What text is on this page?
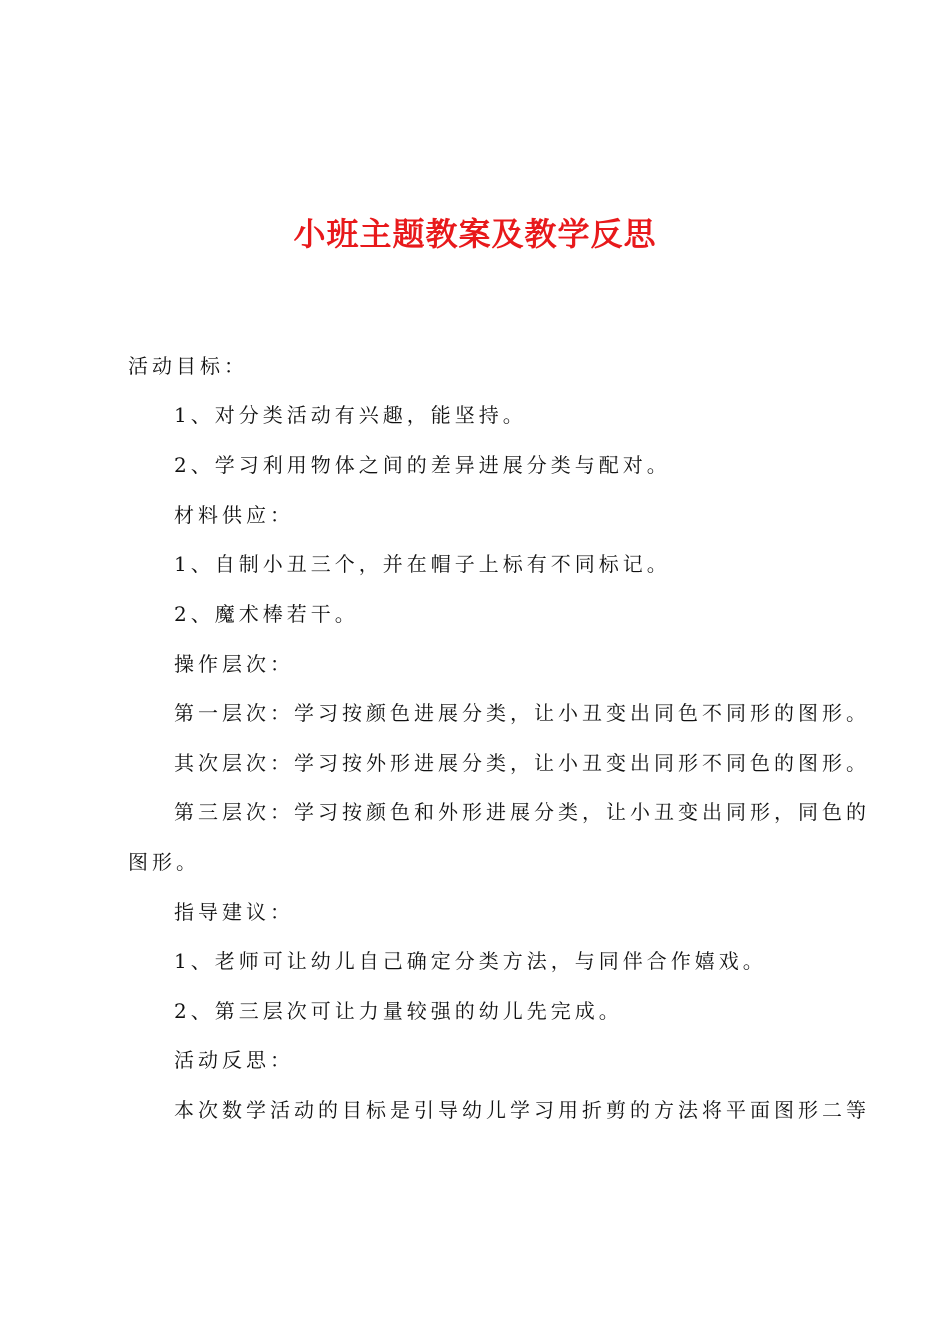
小班主题教案及教学反思
活动目标：
1、对分类活动有兴趣，能坚持。
2、学习利用物体之间的差异进展分类与配对。
材料供应：
1、自制小丑三个，并在帽子上标有不同标记。
2、魔术棒若干。
操作层次：
第一层次：学习按颜色进展分类，让小丑变出同色不同形的图形。
其次层次：学习按外形进展分类，让小丑变出同形不同色的图形。
第三层次：学习按颜色和外形进展分类，让小丑变出同形，同色的
图形。
指导建议：
1、老师可让幼儿自己确定分类方法，与同伴合作嬉戏。
2、第三层次可让力量较强的幼儿先完成。
活动反思：
本次数学活动的目标是引导幼儿学习用折剪的方法将平面图形二等
